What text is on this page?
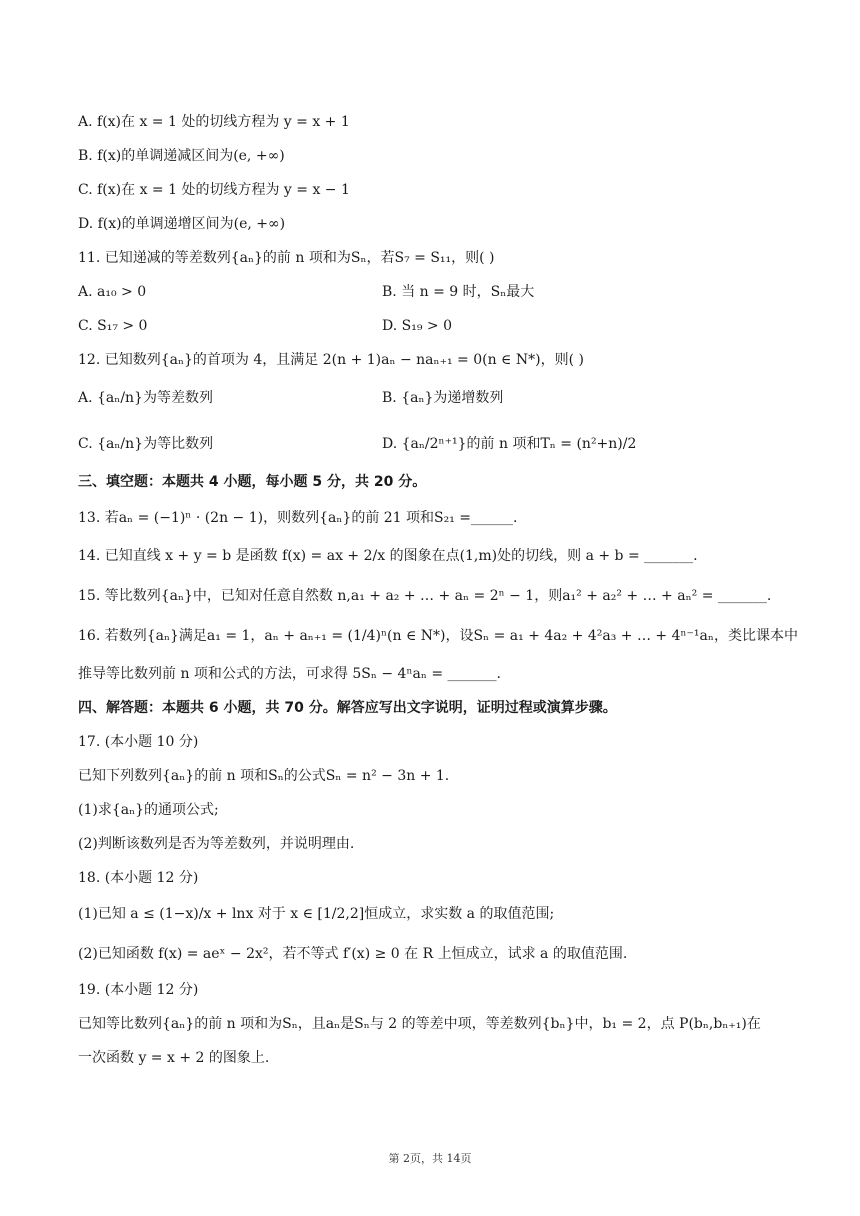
A. f(x)在 x = 1 处的切线方程为 y = x + 1
B. f(x)的单调递减区间为(e, +∞)
C. f(x)在 x = 1 处的切线方程为 y = x − 1
D. f(x)的单调递增区间为(e, +∞)
11. 已知递减的等差数列{aₙ}的前 n 项和为Sₙ，若S₇ = S₁₁，则( )
A. a₁₀ > 0	B. 当 n = 9 时，Sₙ最大
C. S₁₇ > 0	D. S₁₉ > 0
12. 已知数列{aₙ}的首项为 4，且满足 2(n + 1)aₙ − naₙ₊₁ = 0(n ∈ N*)，则( )
A. {aₙ/n}为等差数列	B. {aₙ}为递增数列
C. {aₙ/n}为等比数列	D. {aₙ/2ⁿ⁺¹}的前 n 项和Tₙ = (n²+n)/2
三、填空题：本题共 4 小题，每小题 5 分，共 20 分。
13. 若aₙ = (−1)ⁿ · (2n − 1)，则数列{aₙ}的前 21 项和S₂₁ =______.
14. 已知直线 x + y = b 是函数 f(x) = ax + 2/x 的图象在点(1,m)处的切线，则 a + b = _______.
15. 等比数列{aₙ}中，已知对任意自然数 n,a₁ + a₂ + … + aₙ = 2ⁿ − 1，则a₁² + a₂² + … + aₙ² = _______.
16. 若数列{aₙ}满足a₁ = 1，aₙ + aₙ₊₁ = (1/4)ⁿ(n ∈ N*)，设Sₙ = a₁ + 4a₂ + 4²a₃ + … + 4ⁿ⁻¹aₙ，类比课本中
推导等比数列前 n 项和公式的方法，可求得 5Sₙ − 4ⁿaₙ = _______.
四、解答题：本题共 6 小题，共 70 分。解答应写出文字说明，证明过程或演算步骤。
17. (本小题 10 分)
已知下列数列{aₙ}的前 n 项和Sₙ的公式Sₙ = n² − 3n + 1.
(1)求{aₙ}的通项公式;
(2)判断该数列是否为等差数列，并说明理由.
18. (本小题 12 分)
(1)已知 a ≤ (1−x)/x + lnx 对于 x ∈ [1/2,2]恒成立，求实数 a 的取值范围;
(2)已知函数 f(x) = aeˣ − 2x²，若不等式 f′(x) ≥ 0 在 R 上恒成立，试求 a 的取值范围.
19. (本小题 12 分)
已知等比数列{aₙ}的前 n 项和为Sₙ，且aₙ是Sₙ与 2 的等差中项，等差数列{bₙ}中，b₁ = 2，点 P(bₙ,bₙ₊₁)在
一次函数 y = x + 2 的图象上.
第 2页，共 14页
